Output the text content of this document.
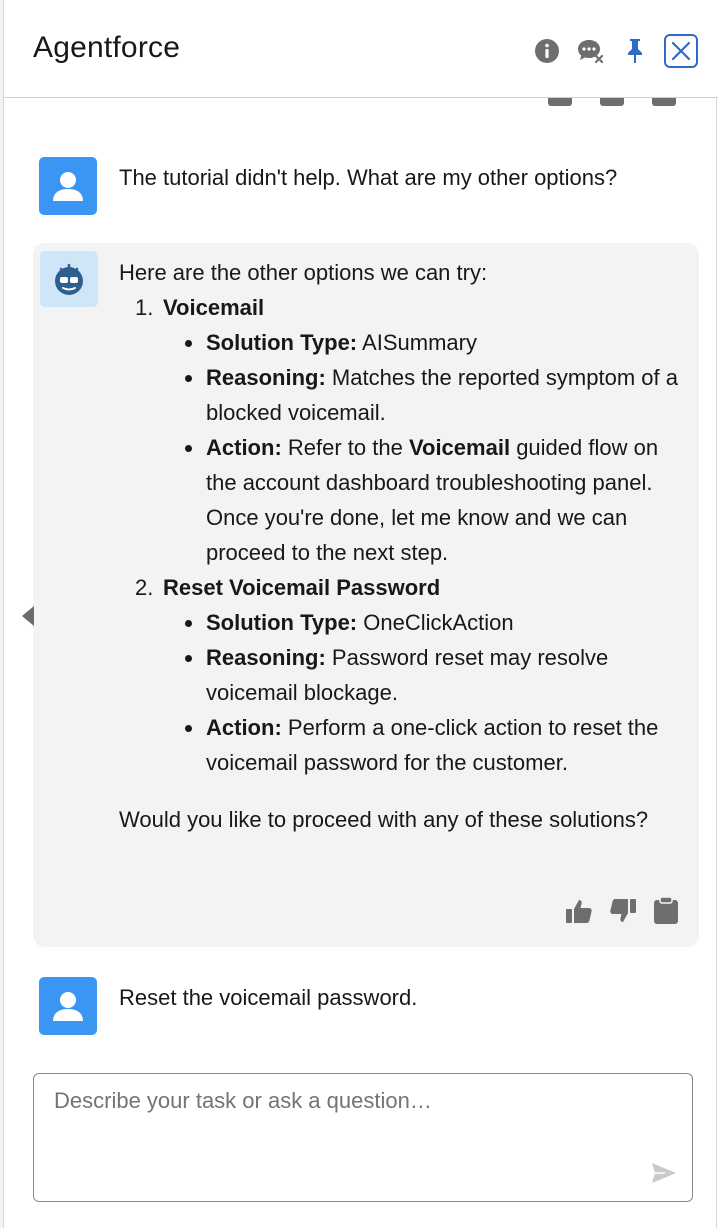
Agentforce
The tutorial didn't help. What are my other options?
Here are the other options we can try:
1. Voicemail
Solution Type: AISummary
Reasoning: Matches the reported symptom of a blocked voicemail.
Action: Refer to the Voicemail guided flow on the account dashboard troubleshooting panel. Once you're done, let me know and we can proceed to the next step.
2. Reset Voicemail Password
Solution Type: OneClickAction
Reasoning: Password reset may resolve voicemail blockage.
Action: Perform a one-click action to reset the voicemail password for the customer.
Would you like to proceed with any of these solutions?
Reset the voicemail password.
Describe your task or ask a question…
